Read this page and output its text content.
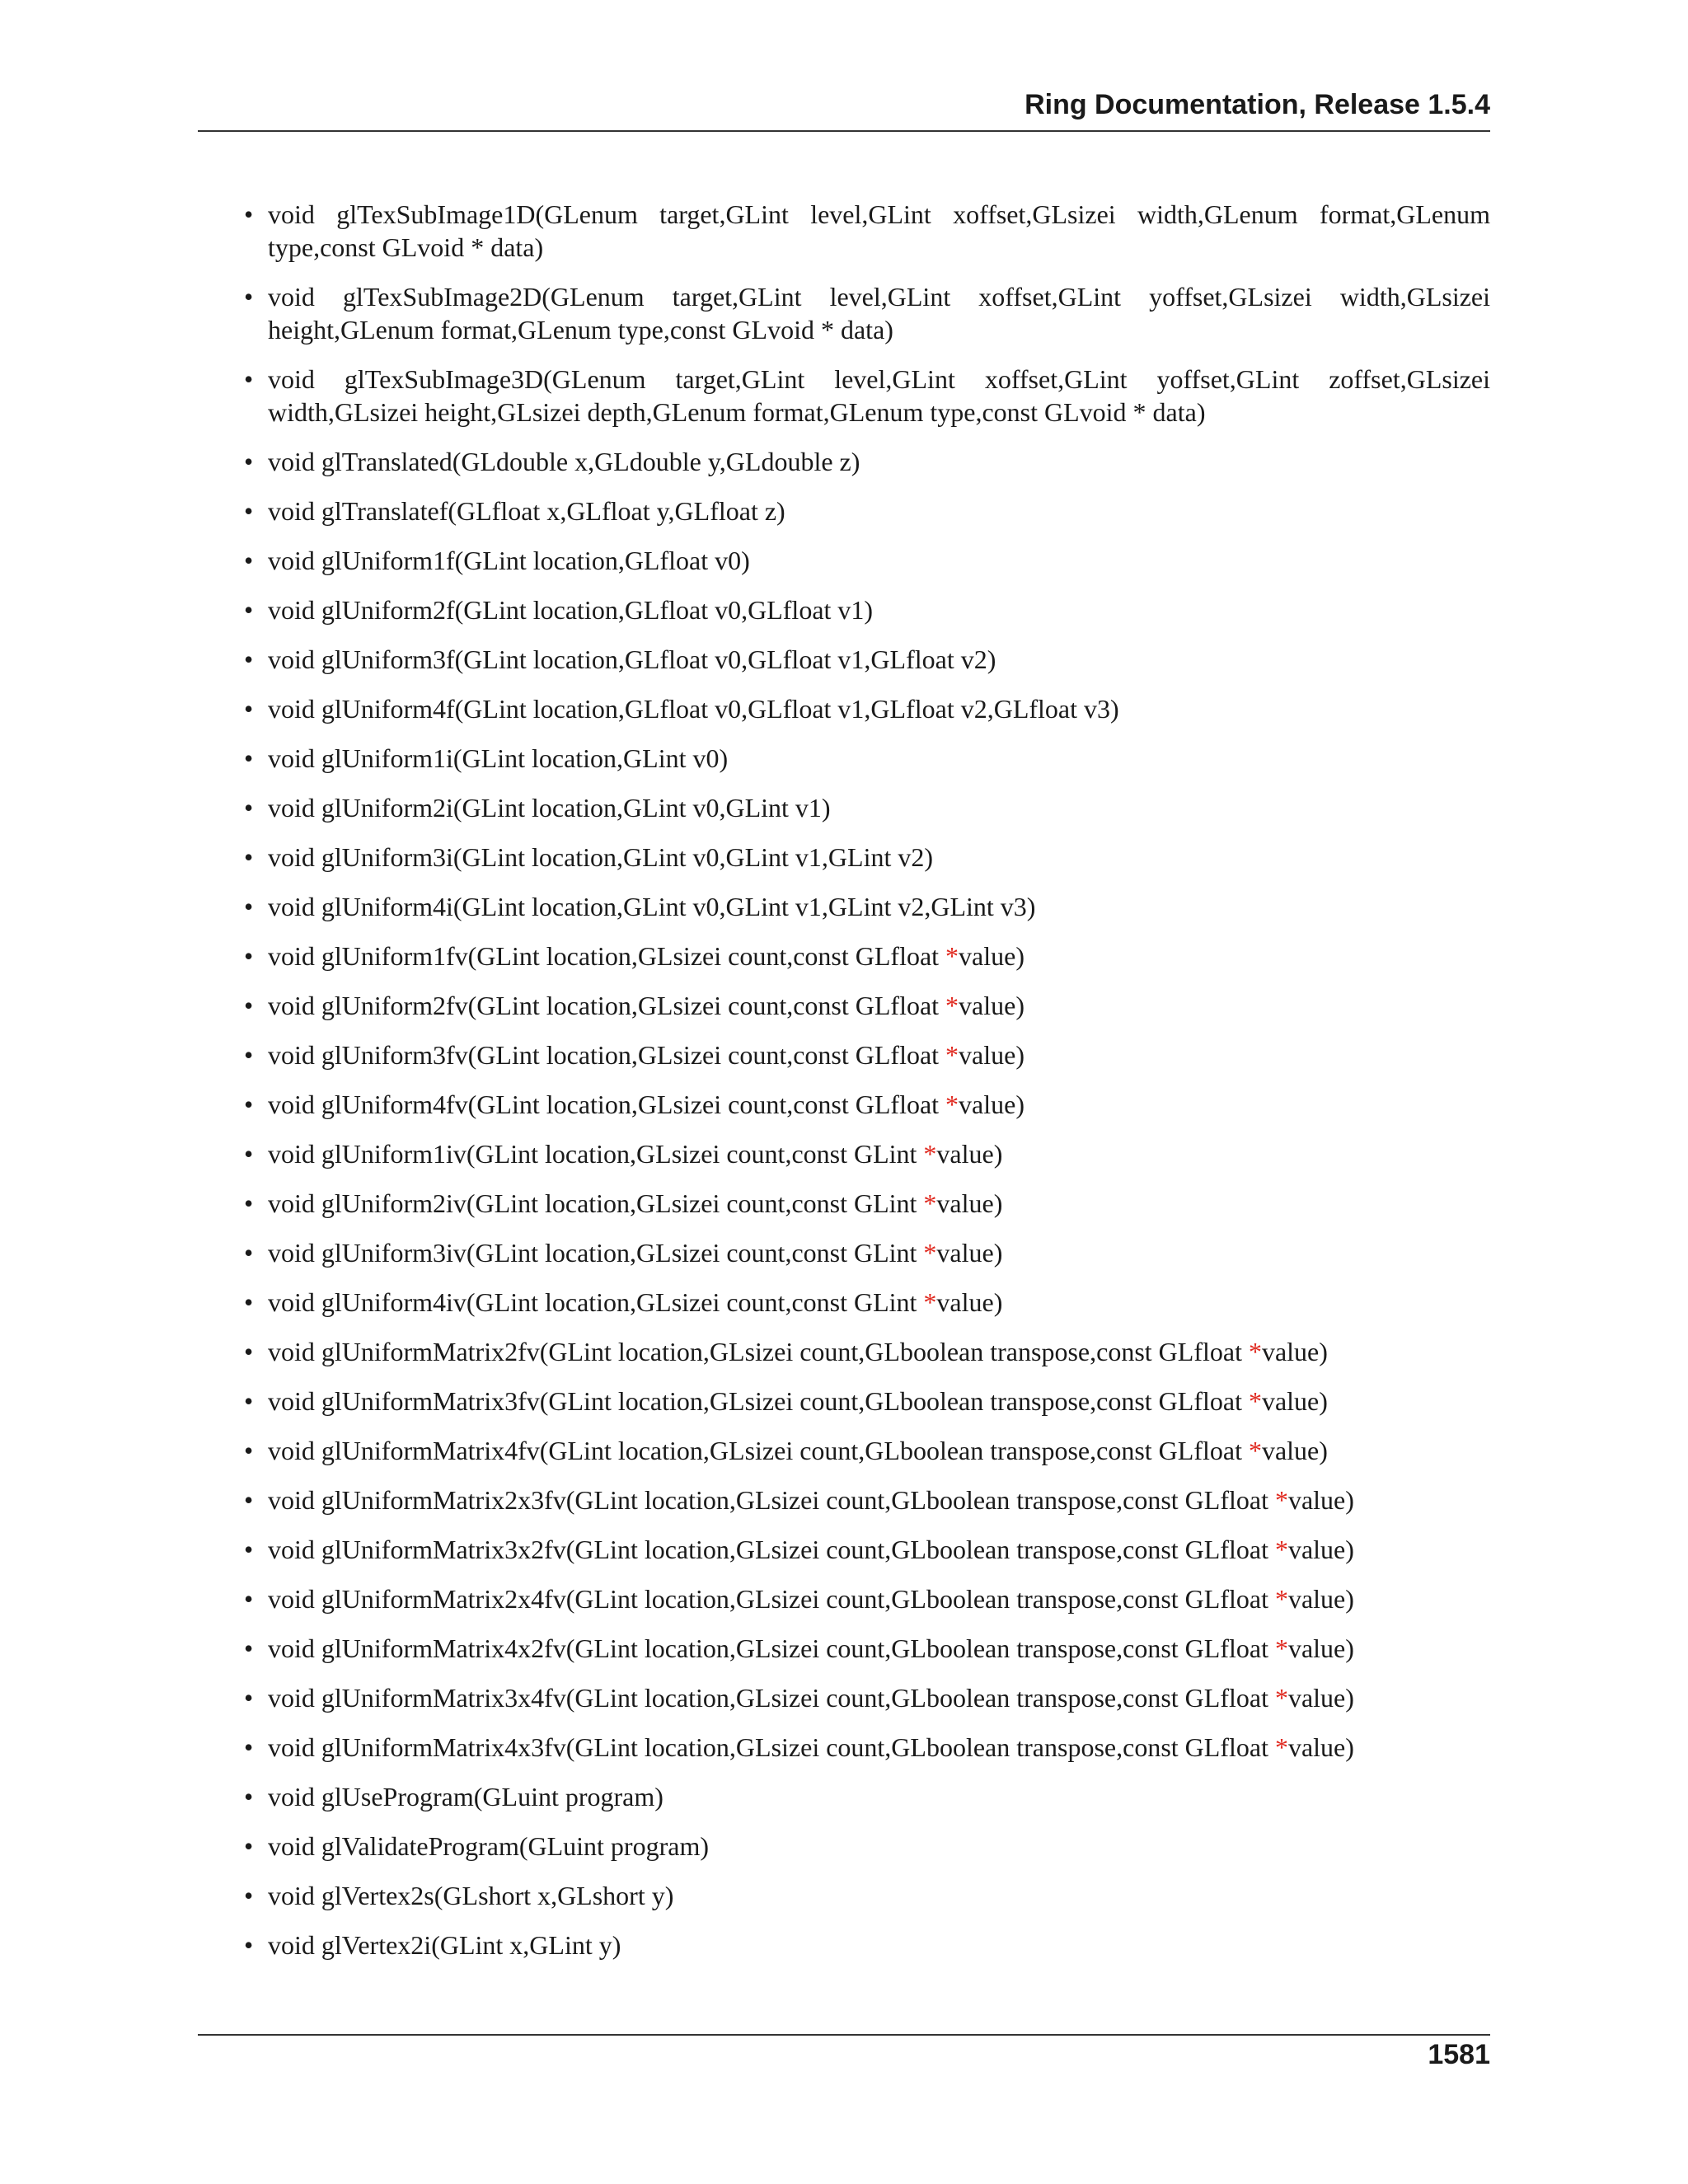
Ring Documentation, Release 1.5.4
• void glTexSubImage1D(GLenum target,GLint level,GLint xoffset,GLsizei width,GLenum format,GLenum type,const GLvoid * data)
• void glTexSubImage2D(GLenum target,GLint level,GLint xoffset,GLint yoffset,GLsizei width,GLsizei height,GLenum format,GLenum type,const GLvoid * data)
• void glTexSubImage3D(GLenum target,GLint level,GLint xoffset,GLint yoffset,GLint zoffset,GLsizei width,GLsizei height,GLsizei depth,GLenum format,GLenum type,const GLvoid * data)
• void glTranslated(GLdouble x,GLdouble y,GLdouble z)
• void glTranslatef(GLfloat x,GLfloat y,GLfloat z)
• void glUniform1f(GLint location,GLfloat v0)
• void glUniform2f(GLint location,GLfloat v0,GLfloat v1)
• void glUniform3f(GLint location,GLfloat v0,GLfloat v1,GLfloat v2)
• void glUniform4f(GLint location,GLfloat v0,GLfloat v1,GLfloat v2,GLfloat v3)
• void glUniform1i(GLint location,GLint v0)
• void glUniform2i(GLint location,GLint v0,GLint v1)
• void glUniform3i(GLint location,GLint v0,GLint v1,GLint v2)
• void glUniform4i(GLint location,GLint v0,GLint v1,GLint v2,GLint v3)
• void glUniform1fv(GLint location,GLsizei count,const GLfloat *value)
• void glUniform2fv(GLint location,GLsizei count,const GLfloat *value)
• void glUniform3fv(GLint location,GLsizei count,const GLfloat *value)
• void glUniform4fv(GLint location,GLsizei count,const GLfloat *value)
• void glUniform1iv(GLint location,GLsizei count,const GLint *value)
• void glUniform2iv(GLint location,GLsizei count,const GLint *value)
• void glUniform3iv(GLint location,GLsizei count,const GLint *value)
• void glUniform4iv(GLint location,GLsizei count,const GLint *value)
• void glUniformMatrix2fv(GLint location,GLsizei count,GLboolean transpose,const GLfloat *value)
• void glUniformMatrix3fv(GLint location,GLsizei count,GLboolean transpose,const GLfloat *value)
• void glUniformMatrix4fv(GLint location,GLsizei count,GLboolean transpose,const GLfloat *value)
• void glUniformMatrix2x3fv(GLint location,GLsizei count,GLboolean transpose,const GLfloat *value)
• void glUniformMatrix3x2fv(GLint location,GLsizei count,GLboolean transpose,const GLfloat *value)
• void glUniformMatrix2x4fv(GLint location,GLsizei count,GLboolean transpose,const GLfloat *value)
• void glUniformMatrix4x2fv(GLint location,GLsizei count,GLboolean transpose,const GLfloat *value)
• void glUniformMatrix3x4fv(GLint location,GLsizei count,GLboolean transpose,const GLfloat *value)
• void glUniformMatrix4x3fv(GLint location,GLsizei count,GLboolean transpose,const GLfloat *value)
• void glUseProgram(GLuint program)
• void glValidateProgram(GLuint program)
• void glVertex2s(GLshort x,GLshort y)
• void glVertex2i(GLint x,GLint y)
1581
